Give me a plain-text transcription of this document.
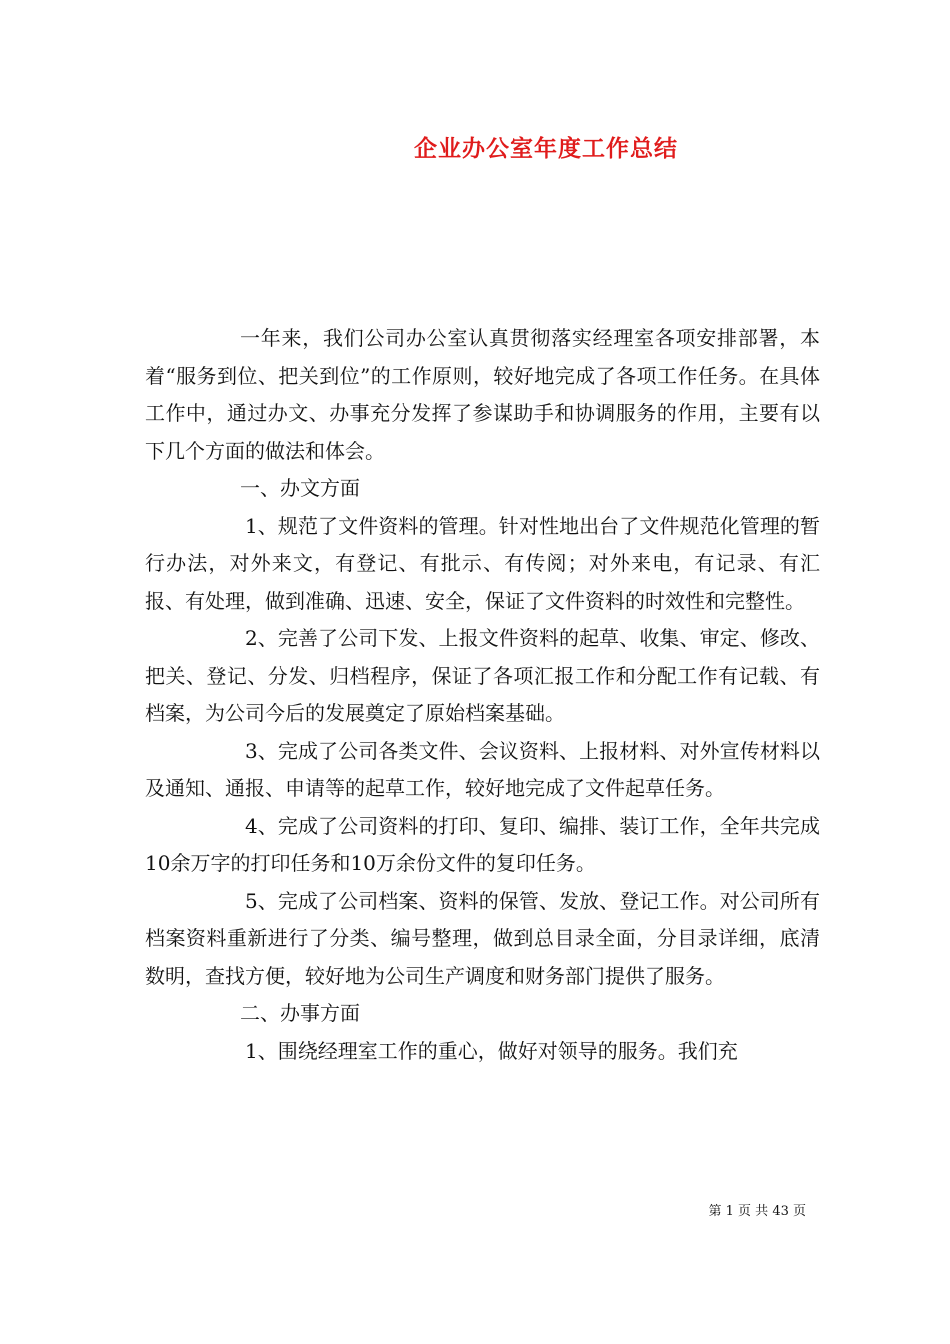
企业办公室年度工作总结

一年来，我们公司办公室认真贯彻落实经理室各项安排部署，本着“服务到位、把关到位”的工作原则，较好地完成了各项工作任务。在具体工作中，通过办文、办事充分发挥了参谋助手和协调服务的作用，主要有以下几个方面的做法和体会。

一、办文方面

1、规范了文件资料的管理。针对性地出台了文件规范化管理的暂行办法，对外来文，有登记、有批示、有传阅；对外来电，有记录、有汇报、有处理，做到准确、迅速、安全，保证了文件资料的时效性和完整性。

2、完善了公司下发、上报文件资料的起草、收集、审定、修改、把关、登记、分发、归档程序，保证了各项汇报工作和分配工作有记载、有档案，为公司今后的发展奠定了原始档案基础。

3、完成了公司各类文件、会议资料、上报材料、对外宣传材料以及通知、通报、申请等的起草工作，较好地完成了文件起草任务。

4、完成了公司资料的打印、复印、编排、装订工作，全年共完成10余万字的打印任务和10万余份文件的复印任务。

5、完成了公司档案、资料的保管、发放、登记工作。对公司所有档案资料重新进行了分类、编号整理，做到总目录全面，分目录详细，底清数明，查找方便，较好地为公司生产调度和财务部门提供了服务。

二、办事方面

1、围绕经理室工作的重心，做好对领导的服务。我们充

第 1 页 共 43 页
